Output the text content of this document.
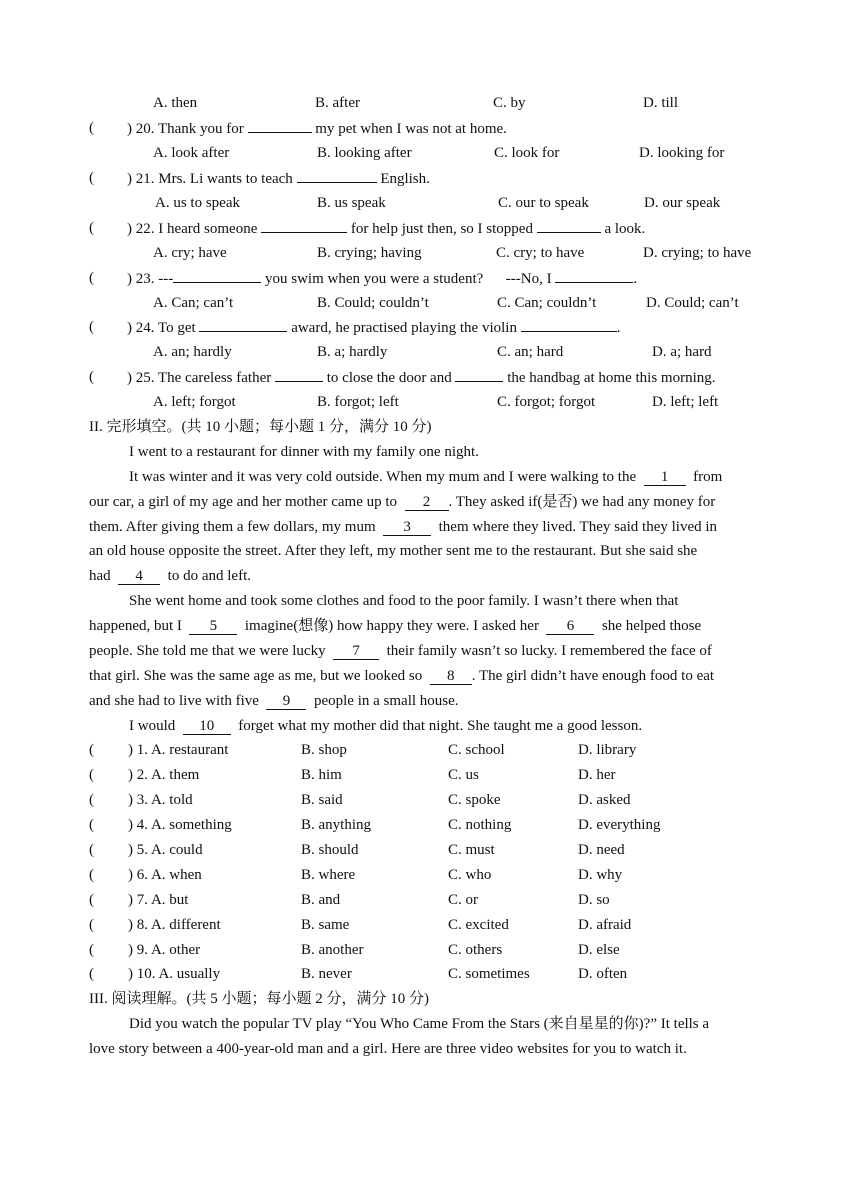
A. then	B. after	C. by	D. till
( ) 20. Thank you for	my pet when I was not at home.
A. look after	B. looking after	C. look for	D. looking for
( ) 21. Mrs. Li wants to teach	English.
A. us to speak	B. us speak	C. our to speak	D. our speak
( ) 22. I heard someone	for help just then, so I stopped	a look.
A. cry; have	B. crying; having	C. cry; to have	D. crying; to have
( ) 23. ---	you swim when you were a student? ---No, I	.
A. Can; can’t	B. Could; couldn’t	C. Can; couldn’t	D. Could; can’t
( ) 24. To get	award, he practised playing the violin	.
A. an; hardly	B. a; hardly	C. an; hard	D. a; hard
( ) 25. The careless father	to close the door and	the handbag at home this morning.
A. left; forgot	B. forgot; left	C. forgot; forgot	D. left; left
II. 完形填空。(共 10 小题；每小题 1 分，满分 10 分)
I went to a restaurant for dinner with my family one night.
It was winter and it was very cold outside. When my mum and I were walking to the 1 from
our car, a girl of my age and her mother came up to 2 . They asked if(是否) we had any money for
them. After giving them a few dollars, my mum 3 them where they lived. They said they lived in
an old house opposite the street. After they left, my mother sent me to the restaurant. But she said she
had 4 to do and left.
She went home and took some clothes and food to the poor family. I wasn’t there when that
happened, but I 5 imagine(想像) how happy they were. I asked her 6 she helped those
people. She told me that we were lucky 7 their family wasn’t so lucky. I remembered the face of
that girl. She was the same age as me, but we looked so 8 . The girl didn’t have enough food to eat
and she had to live with five 9 people in a small house.
I would 10 forget what my mother did that night. She taught me a good lesson.
( ) 1. A. restaurant	B. shop	C. school	D. library
( ) 2. A. them	B. him	C. us	D. her
( ) 3. A. told	B. said	C. spoke	D. asked
( ) 4. A. something	B. anything	C. nothing	D. everything
( ) 5. A. could	B. should	C. must	D. need
( ) 6. A. when	B. where	C. who	D. why
( ) 7. A. but	B. and	C. or	D. so
( ) 8. A. different	B. same	C. excited	D. afraid
( ) 9. A. other	B. another	C. others	D. else
( ) 10. A. usually	B. never	C. sometimes	D. often
III. 阅读理解。(共 5 小题；每小题 2 分，满分 10 分)
Did you watch the popular TV play “You Who Came From the Stars (来自星星的你)?” It tells a
love story between a 400-year-old man and a girl. Here are three video websites for you to watch it.
